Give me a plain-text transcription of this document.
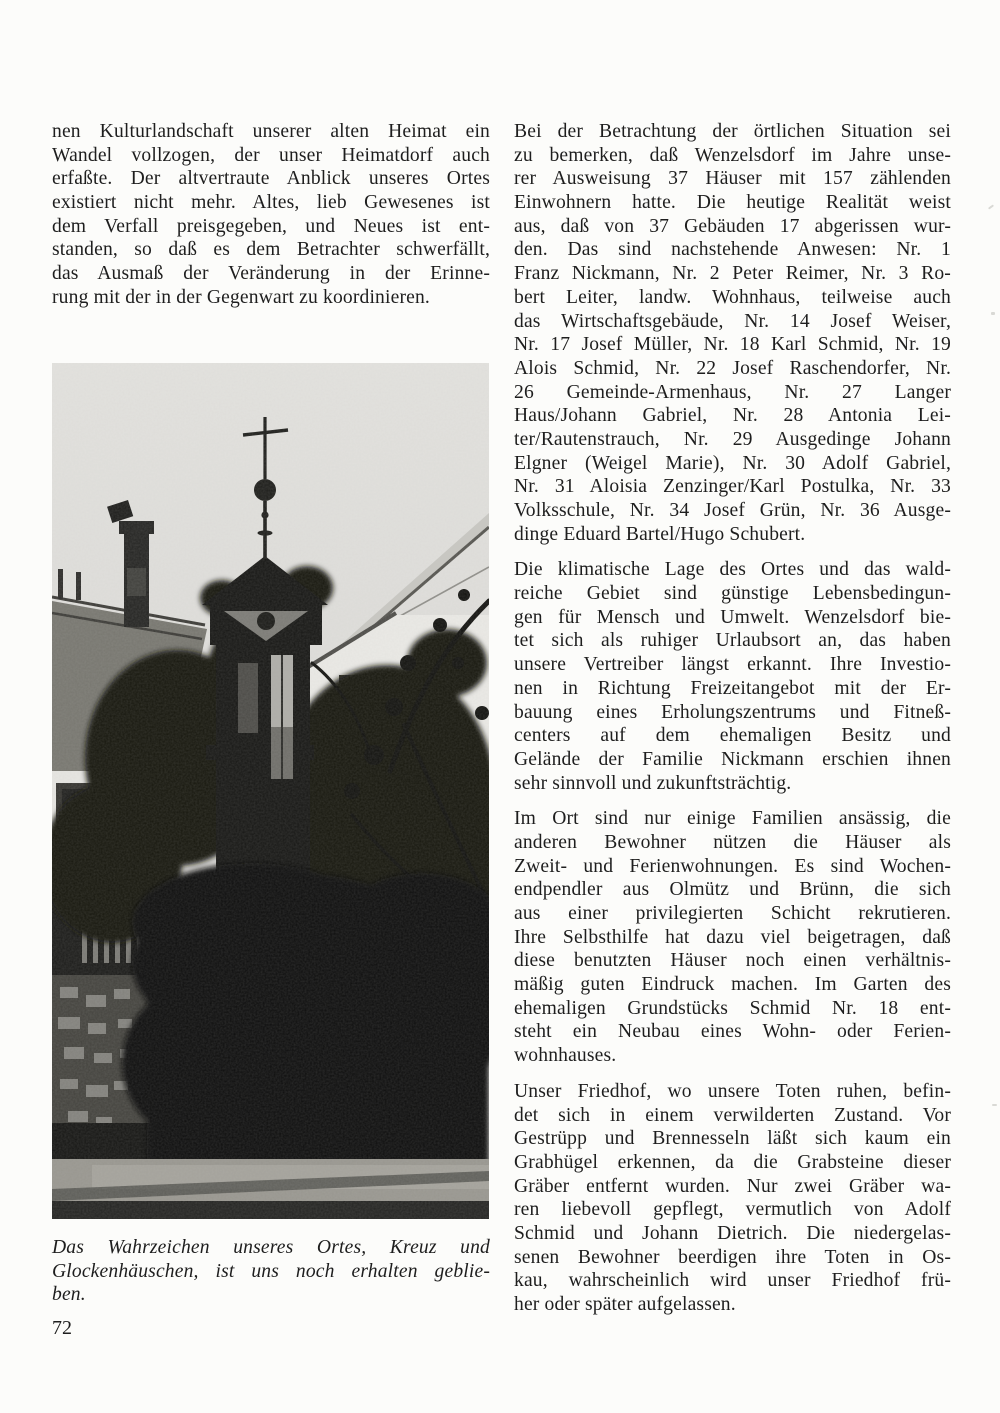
nen Kulturlandschaft unserer alten Heimat ein
Wandel vollzogen, der unser Heimatdorf auch
erfaßte. Der altvertraute Anblick unseres Ortes
existiert nicht mehr. Altes, lieb Gewesenes ist
dem Verfall preisgegeben, und Neues ist ent-
standen, so daß es dem Betrachter schwerfällt,
das Ausmaß der Veränderung in der Erinne-
rung mit der in der Gegenwart zu koordinieren.

Das Wahrzeichen unseres Ortes, Kreuz und
Glockenhäuschen, ist uns noch erhalten geblie-
ben.
72

Bei der Betrachtung der örtlichen Situation sei
zu bemerken, daß Wenzelsdorf im Jahre unse-
rer Ausweisung 37 Häuser mit 157 zählenden
Einwohnern hatte. Die heutige Realität weist
aus, daß von 37 Gebäuden 17 abgerissen wur-
den. Das sind nachstehende Anwesen: Nr. 1
Franz Nickmann, Nr. 2 Peter Reimer, Nr. 3 Ro-
bert Leiter, landw. Wohnhaus, teilweise auch
das Wirtschaftsgebäude, Nr. 14 Josef Weiser,
Nr. 17 Josef Müller, Nr. 18 Karl Schmid, Nr. 19
Alois Schmid, Nr. 22 Josef Raschendorfer, Nr.
26 Gemeinde-Armenhaus, Nr. 27 Langer
Haus/Johann Gabriel, Nr. 28 Antonia Lei-
ter/Rautenstrauch, Nr. 29 Ausgedinge Johann
Elgner (Weigel Marie), Nr. 30 Adolf Gabriel,
Nr. 31 Aloisia Zenzinger/Karl Postulka, Nr. 33
Volksschule, Nr. 34 Josef Grün, Nr. 36 Ausge-
dinge Eduard Bartel/Hugo Schubert.

Die klimatische Lage des Ortes und das wald-
reiche Gebiet sind günstige Lebensbedingun-
gen für Mensch und Umwelt. Wenzelsdorf bie-
tet sich als ruhiger Urlaubsort an, das haben
unsere Vertreiber längst erkannt. Ihre Investio-
nen in Richtung Freizeitangebot mit der Er-
bauung eines Erholungszentrums und Fitneß-
centers auf dem ehemaligen Besitz und
Gelände der Familie Nickmann erschien ihnen
sehr sinnvoll und zukunftsträchtig.

Im Ort sind nur einige Familien ansässig, die
anderen Bewohner nützen die Häuser als
Zweit- und Ferienwohnungen. Es sind Wochen-
endpendler aus Olmütz und Brünn, die sich
aus einer privilegierten Schicht rekrutieren.
Ihre Selbsthilfe hat dazu viel beigetragen, daß
diese benutzten Häuser noch einen verhältnis-
mäßig guten Eindruck machen. Im Garten des
ehemaligen Grundstücks Schmid Nr. 18 ent-
steht ein Neubau eines Wohn- oder Ferien-
wohnhauses.

Unser Friedhof, wo unsere Toten ruhen, befin-
det sich in einem verwilderten Zustand. Vor
Gestrüpp und Brennesseln läßt sich kaum ein
Grabhügel erkennen, da die Grabsteine dieser
Gräber entfernt wurden. Nur zwei Gräber wa-
ren liebevoll gepflegt, vermutlich von Adolf
Schmid und Johann Dietrich. Die niedergelas-
senen Bewohner beerdigen ihre Toten in Os-
kau, wahrscheinlich wird unser Friedhof frü-
her oder später aufgelassen.
